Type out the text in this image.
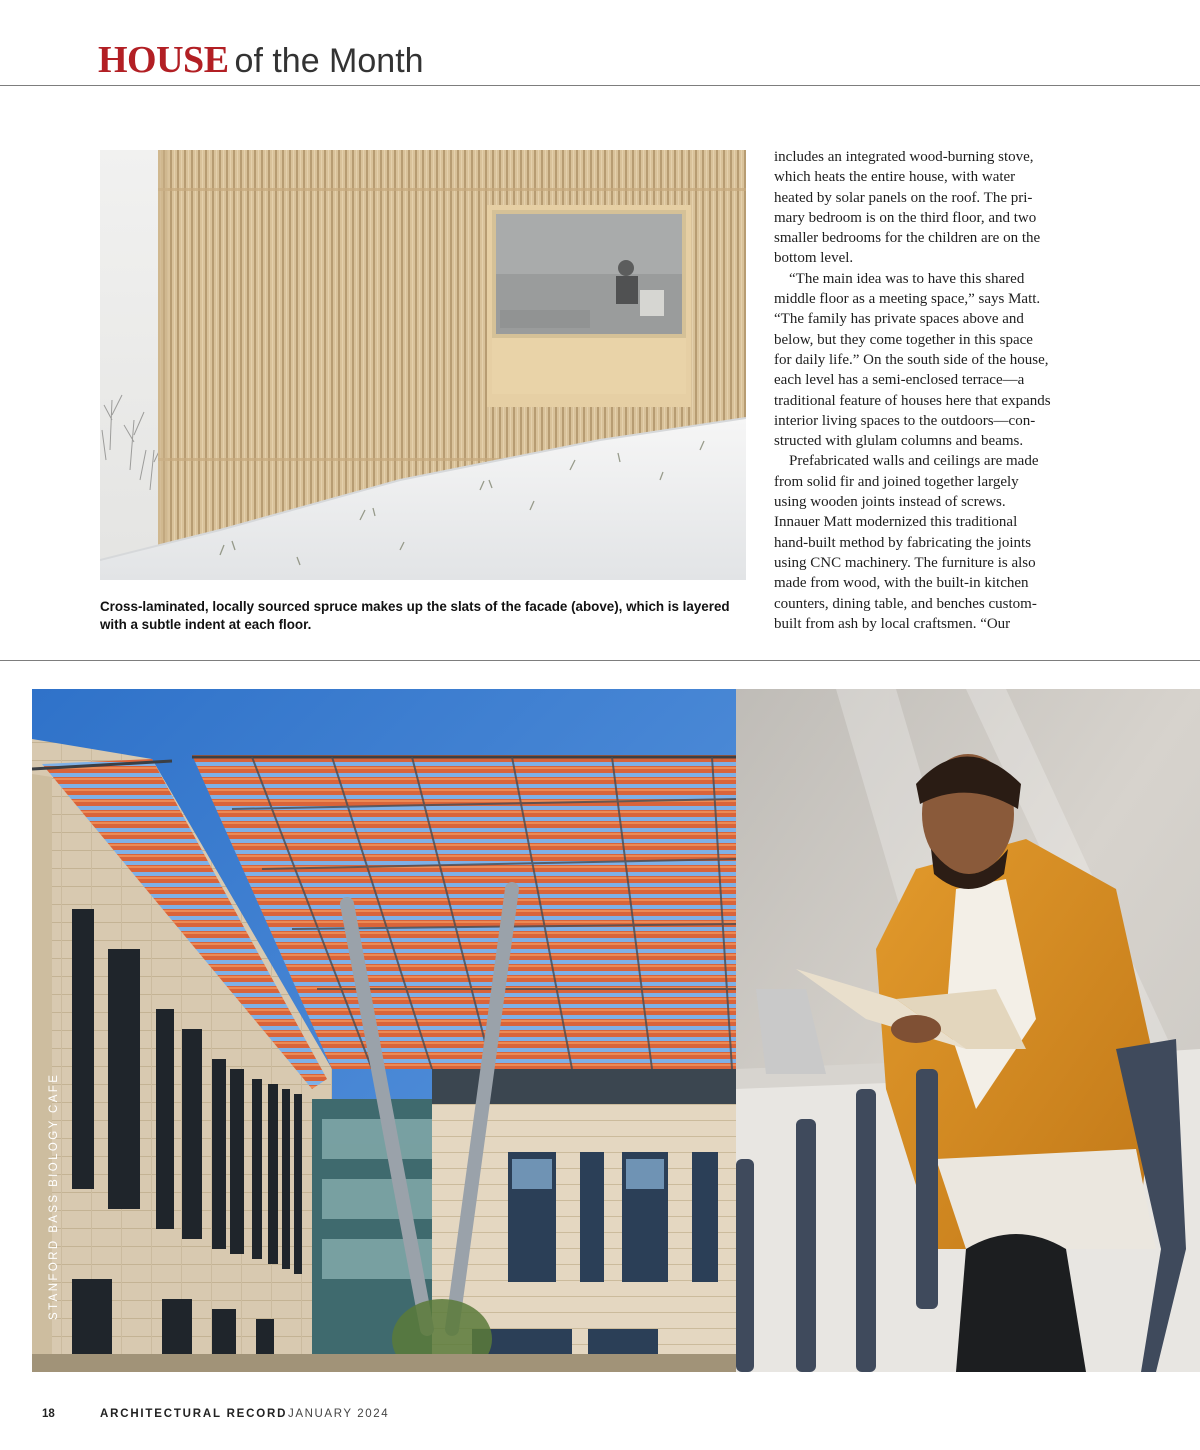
HOUSE of the Month
Cross-laminated, locally sourced spruce makes up the slats of the facade (above), which is layered with a subtle indent at each floor.
includes an integrated wood-burning stove,
which heats the entire house, with water
heated by solar panels on the roof. The pri-
mary bedroom is on the third floor, and two
smaller bedrooms for the children are on the
bottom level.
“The main idea was to have this shared
middle floor as a meeting space,” says Matt.
“The family has private spaces above and
below, but they come together in this space
for daily life.” On the south side of the house,
each level has a semi-enclosed terrace—a
traditional feature of houses here that expands
interior living spaces to the outdoors—con-
structed with glulam columns and beams.
Prefabricated walls and ceilings are made
from solid fir and joined together largely
using wooden joints instead of screws.
Innauer Matt modernized this traditional
hand-built method by fabricating the joints
using CNC machinery. The furniture is also
made from wood, with the built-in kitchen
counters, dining table, and benches custom-
built from ash by local craftsmen. “Our
STANFORD BASS BIOLOGY CAFE
18	ARCHITECTURAL RECORD JANUARY 2024
